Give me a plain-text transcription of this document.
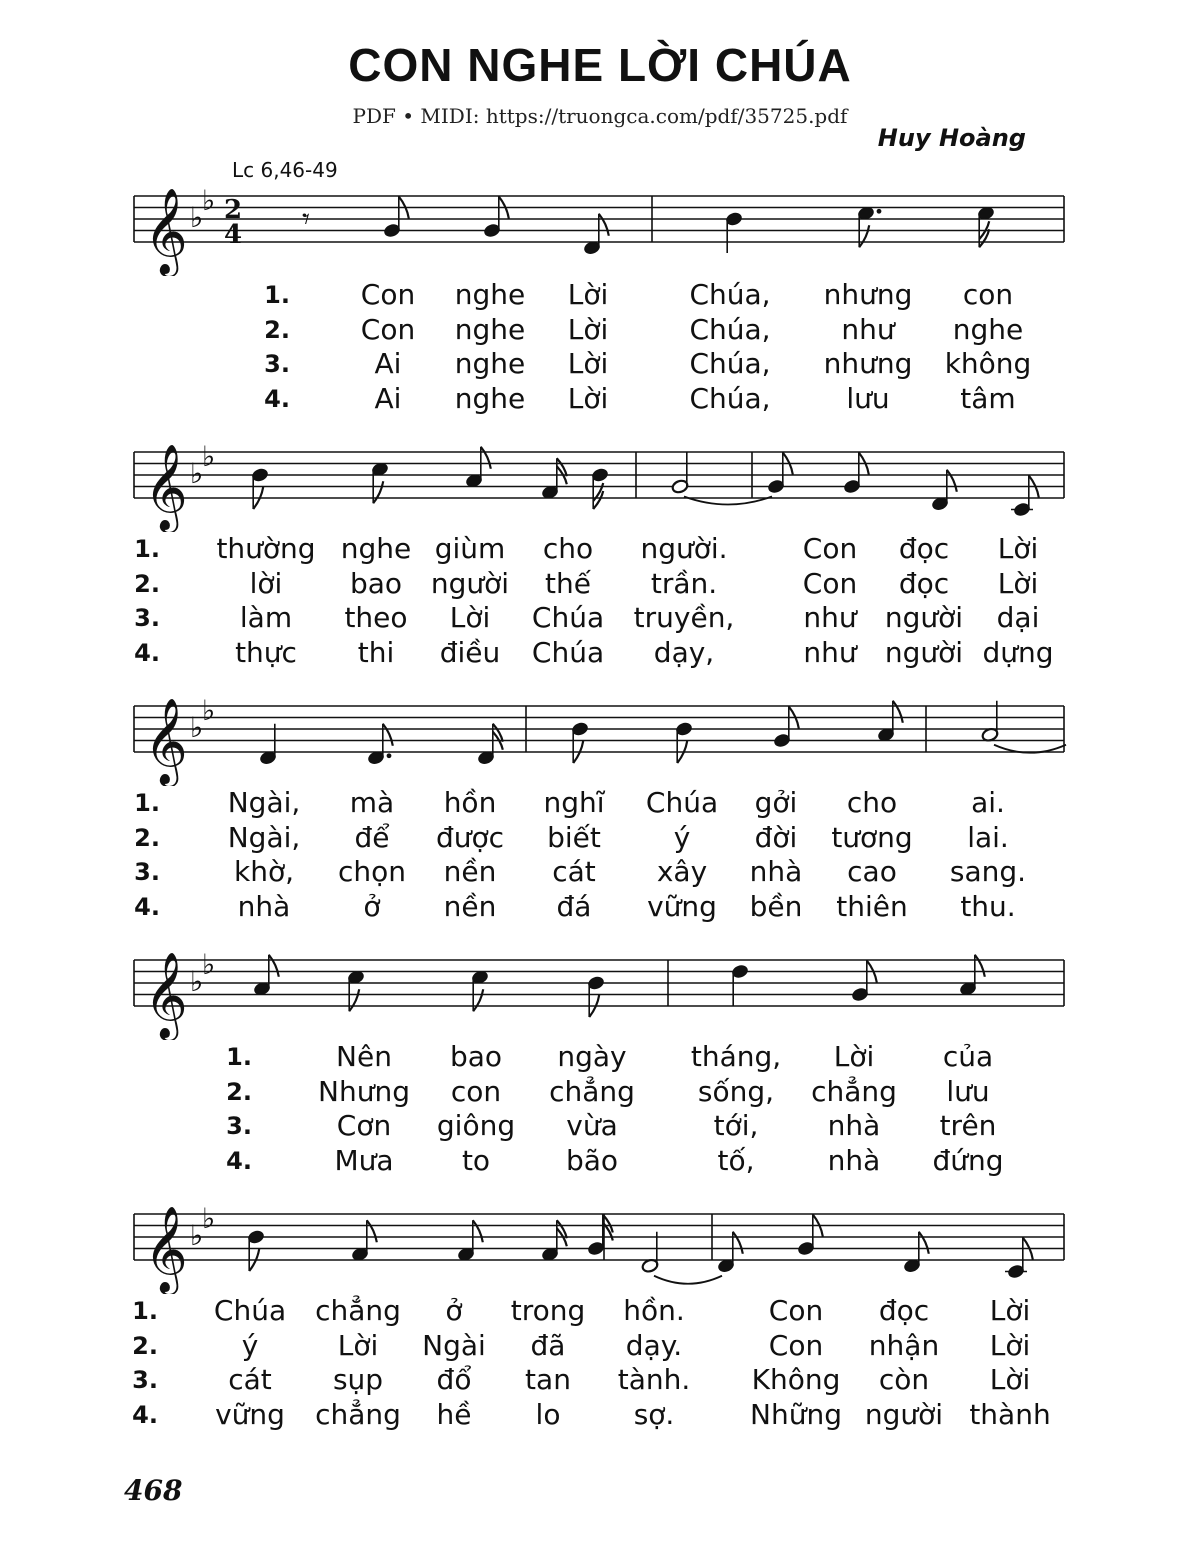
CON NGHE LỜI CHÚA
PDF • MIDI: https://truongca.com/pdf/35725.pdf
Huy Hoàng
Lc 6,46-49
𝄞 ♭
♭ 2
4 𝄾
1.	Con nghe Lời	Chúa, nhưng con
2.	Con nghe Lời	Chúa,	như nghe
3.	Ai nghe Lời	Chúa, nhưng không
4.	Ai nghe Lời	Chúa,	lưu	tâm
𝄞 ♭
♭
1. thường nghe giùm cho người.	Con đọc Lời
2.	lời bao người thế trần.	Con đọc Lời
3.	làm theo Lời Chúa truyền, như người dại
4.	thực thi điều Chúa dạy,	như người dựng
𝄞 ♭
♭
1. Ngài, mà hồn nghĩ Chúa gởi cho	ai.
2. Ngài, để được biết	ý đời tương lai.
3.	khờ, chọn nền cát xây nhà cao sang.
4.	nhà	ở nền đá vững bền thiên thu.
𝄞 ♭
♭
1.	Nên bao ngày tháng, Lời của
2. Nhưng con chẳng sống, chẳng lưu
3.	Cơn giông vừa	tới, nhà trên
4.	Mưa to	bão	tố,	nhà đứng
𝄞 ♭
♭
1. Chúa chẳng ở trong hồn.	Con đọc Lời
2.	ý	Lời Ngài đã dạy.	Con nhận Lời
3.	cát sụp đổ tan tành. Không còn Lời
4. vững chẳng hề lo	sợ.	Những người thành
468
